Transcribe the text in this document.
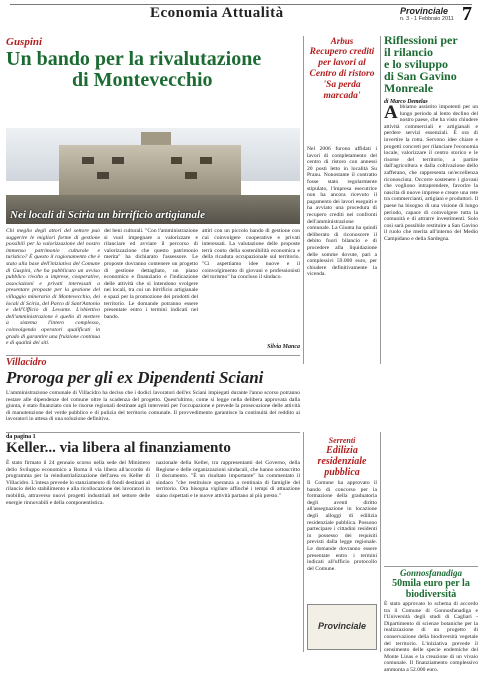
Economia Attualità	Provinciale
n. 3 - 1 Febbraio 2011 7
Guspini
Un bando per la rivalutazione
di Montevecchio
Nei locali di Sciria un birrificio artigianale
Chi meglio degli attori del settore può suggerire le migliori forme di gestione possibili per la valorizzazione del nostro immenso patrimonio culturale e turistico? È questo il ragionamento che è stato alla base dell'iniziativa del Comune di Guspini, che ha pubblicato un avviso pubblico rivolto a imprese, cooperative, associazioni e privati interessati a presentare proposte per la gestione del villaggio minerario di Montevecchio, dei locali di Sciria, del Parco di Sant'Antonio e dell'Ufficio di Levante. L'obiettivo dell'amministrazione è quello di mettere a sistema l'intero complesso, coinvolgendo operatori qualificati in grado di garantire una fruizione continua e di qualità dei siti.
dei beni culturali. "Con l'amministrazione si vuol impegnare a valorizzare e rilanciare ed avviare il percorso di valorizzazione che questo patrimonio merita" ha dichiarato l'assessore. Le proposte dovranno contenere un progetto di gestione dettagliato, un piano economico e finanziario e l'indicazione delle attività che si intendono svolgere nei locali, tra cui un birrificio artigianale e spazi per la promozione dei prodotti del territorio. Le domande potranno essere presentate entro i termini indicati nel bando.
attiri con un piccolo bando di gestione con cui coinvolgere cooperative e privati interessati. La valutazione delle proposte terrà conto della sostenibilità economica e della ricaduta occupazionale sul territorio. "Ci aspettiamo idee nuove e il coinvolgimento di giovani e professionisti del turismo" ha concluso il sindaco.
Silvia Manca
Arbus
Recupero crediti per lavori al Centro di ristoro 'Sa perda marcada'
Nel 2006 furono affidati i lavori di completamento del centro di ristoro con annessi 20 posti letto in località Su Pranu. Nonostante il contratto fosse stato regolarmente stipulato, l'impresa esecutrice non ha ancora ricevuto il pagamento dei lavori eseguiti e ha avviato una procedura di recupero crediti nei confronti dell'amministrazione comunale. La Giunta ha quindi deliberato di riconoscere il debito fuori bilancio e di procedere alla liquidazione delle somme dovute, pari a complessivi 59.000 euro, per chiudere definitivamente la vicenda.
Riflessioni per
il rilancio
e lo sviluppo
di San Gavino Monreale
di Marco Demelas
Abbiamo assistito impotenti per un lungo periodo al lento declino del nostro paese, che ha visto chiudere attività commerciali e artigianali e perdere servizi essenziali. È ora di invertire la rotta. Servono idee chiare e progetti concreti per rilanciare l'economia locale, valorizzare il centro storico e le risorse del territorio, a partire dall'agricoltura e dalla coltivazione dello zafferano, che rappresenta un'eccellenza riconosciuta. Occorre sostenere i giovani che vogliono intraprendere, favorire la nascita di nuove imprese e creare una rete tra commercianti, artigiani e produttori. Il paese ha bisogno di una visione di lungo periodo, capace di coinvolgere tutta la comunità e di attrarre investimenti. Solo così sarà possibile restituire a San Gavino il ruolo che merita all'interno del Medio Campidano e della Sardegna.
Villacidro
Proroga per gli ex Dipendenti Sciani
L'amministrazione comunale di Villacidro ha deciso che i dodici lavoratori dell'ex Sciani impiegati durante l'anno scorso potranno restare alle dipendenze del comune oltre la scadenza del progetto. Quest'ultimo, come si legge nella delibera approvata dalla giunta, è stato finanziato con le risorse regionali destinate agli interventi per l'occupazione e prevede la prosecuzione delle attività di manutenzione del verde pubblico e di pulizia del territorio comunale. Il provvedimento garantisce la continuità del reddito ai lavoratori in attesa di una soluzione definitiva.
da pagina 1
Keller... via libera al finanziamento
È stato firmato il 24 gennaio scorso nella sede del Ministero dello Sviluppo economico a Roma il via libera all'accordo di programma per la reindustrializzazione dell'area ex Keller di Villacidro. L'intesa prevede lo stanziamento di fondi destinati al rilancio dello stabilimento e alla ricollocazione dei lavoratori in mobilità, attraverso nuovi progetti industriali nel settore delle energie rinnovabili e della componentistica.
nazionale della Keller, tra rappresentanti del Governo, della Regione e delle organizzazioni sindacali, che hanno sottoscritto il documento. "È un risultato importante" ha commentato il sindaco "che restituisce speranza a centinaia di famiglie del territorio. Ora bisogna vigilare affinché i tempi di attuazione siano rispettati e le nuove attività partano al più presto."
Serrenti
Edilizia residenziale pubblica
Il Comune ha approvato il bando di concorso per la formazione della graduatoria degli aventi diritto all'assegnazione in locazione degli alloggi di edilizia residenziale pubblica. Possono partecipare i cittadini residenti in possesso dei requisiti previsti dalla legge regionale. Le domande dovranno essere presentate entro i termini indicati all'ufficio protocollo del Comune.
Provinciale
Gonnosfanadiga
50mila euro per la biodiversità
È stato approvato lo schema di accordo tra il Comune di Gonnosfanadiga e l'Università degli studi di Cagliari - Dipartimento di scienze botaniche per la realizzazione di un progetto di conservazione della biodiversità vegetale del territorio. L'iniziativa prevede il censimento delle specie endemiche del Monte Linas e la creazione di un vivaio comunale. Il finanziamento complessivo ammonta a 52.000 euro.
